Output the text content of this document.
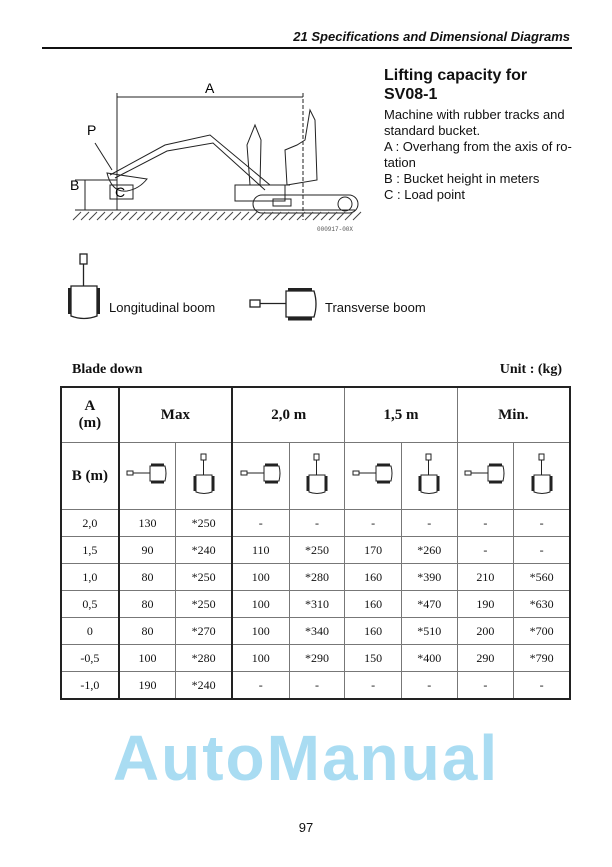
21 Specifications and Dimensional Diagrams
A
B	C
P
000917-00X
Lifting capacity for
SV08-1
Machine with rubber tracks and standard bucket.
A : Overhang from the axis of ro-tation
B : Bucket height in meters
C : Load point
Longitudinal boom	Transverse boom
Blade down	Unit : (kg)
A
(m)	Max		2,0 m		1,5 m		Min.	
B (m)								
2,0	130	*250	-	-	-	-	-	-
1,5	90	*240	110	*250	170	*260	-	-
1,0	80	*250	100	*280	160	*390	210	*560
0,5	80	*250	100	*310	160	*470	190	*630
0	80	*270	100	*340	160	*510	200	*700
-0,5	100	*280	100	*290	150	*400	290	*790
-1,0	190	*240	-	-	-	-	-	-
AutoManual
97
